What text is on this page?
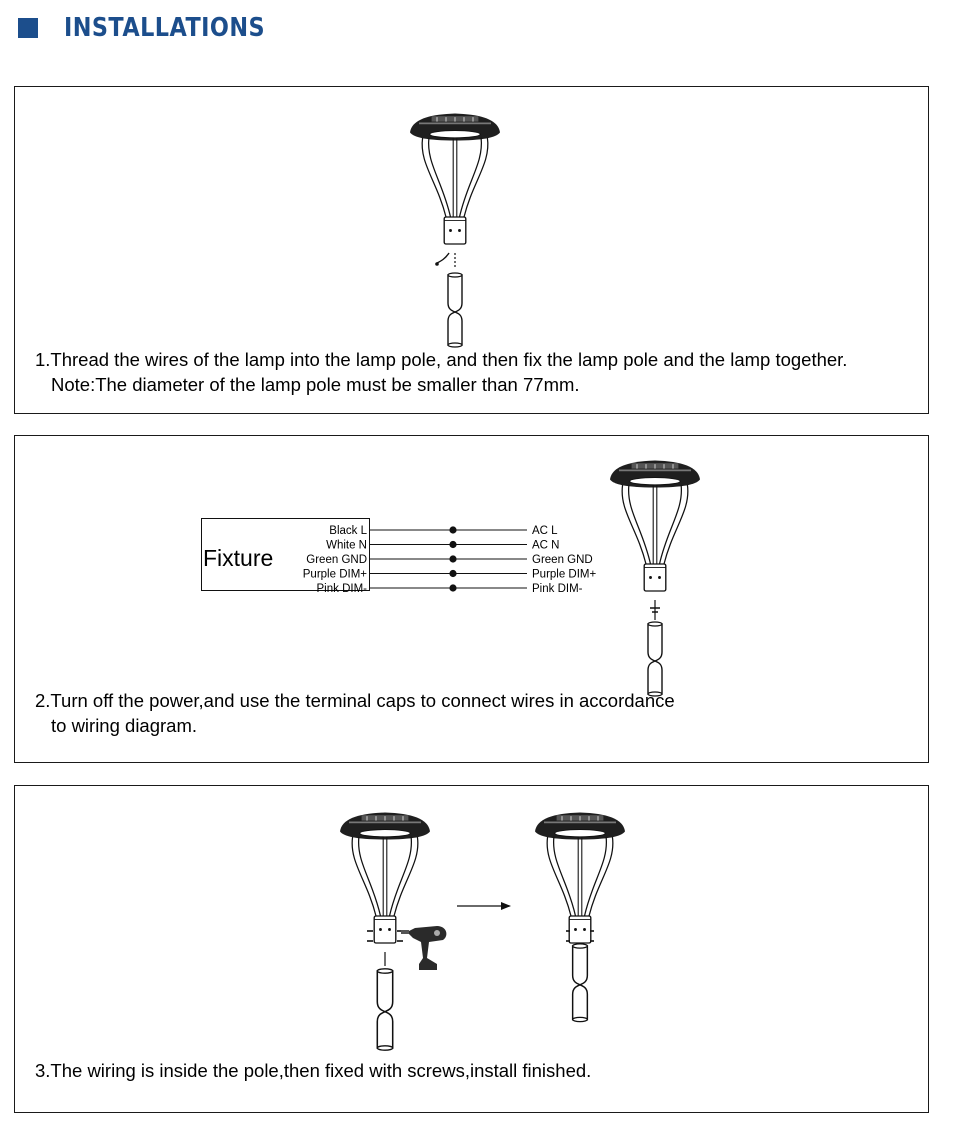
INSTALLATIONS
1.Thread the wires of the lamp into the lamp pole, and then fix the lamp pole and the lamp together.
Note:The diameter of the lamp pole must be smaller than 77mm.
Fixture
Black L
White N
Green GND
Purple DIM+
Pink DIM-
AC L
AC N
Green GND
Purple DIM+
Pink DIM-
2.Turn off the power,and use the terminal caps to connect wires in accordance
to wiring diagram.
3.The wiring is inside the pole,then fixed with screws,install finished.
